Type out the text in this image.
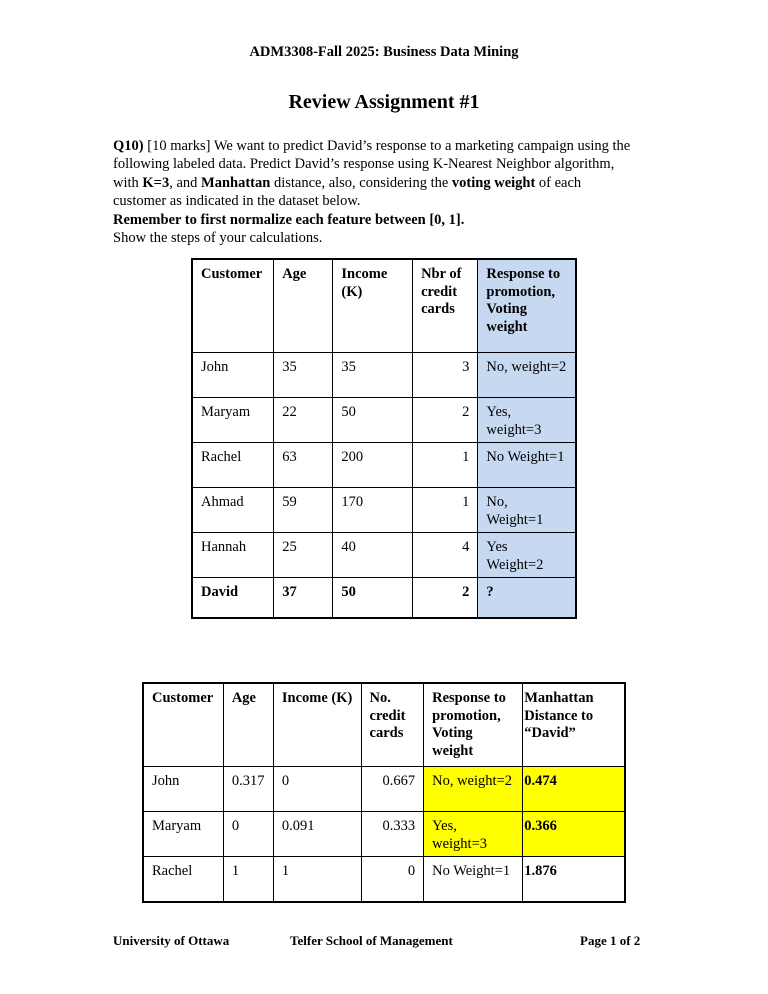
ADM3308-Fall 2025: Business Data Mining
Review Assignment #1
Q10) [10 marks] We want to predict David’s response to a marketing campaign using the
following labeled data. Predict David’s response using K-Nearest Neighbor algorithm,
with K=3, and Manhattan distance, also, considering the voting weight of each
customer as indicated in the dataset below.
Remember to first normalize each feature between [0, 1].
Show the steps of your calculations.
Customer	Age	Income (K)	Nbr of credit cards	Response to promotion, Voting weight
John	35	35	3	No, weight=2
Maryam	22	50	2	Yes, weight=3
Rachel	63	200	1	No Weight=1
Ahmad	59	170	1	No, Weight=1
Hannah	25	40	4	Yes Weight=2
David	37	50	2	?
Customer	Age	Income (K)	No. credit cards	Response to promotion, Voting weight	Manhattan Distance to “David”
John	0.317	0	0.667	No, weight=2	0.474
Maryam	0	0.091	0.333	Yes, weight=3	0.366
Rachel	1	1	0	No Weight=1	1.876
University of Ottawa	Telfer School of Management	Page 1 of 2
